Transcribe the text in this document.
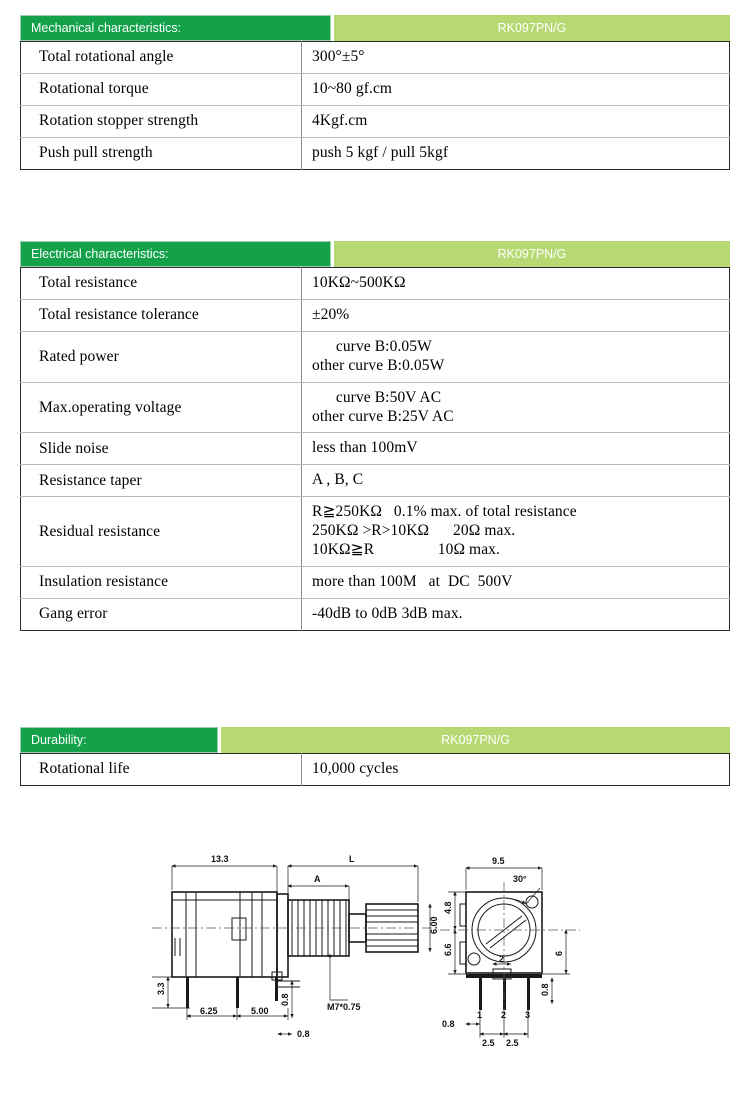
Mechanical characteristics:	RK097PN/G
Total rotational angle	300°±5°

Rotational torque	10~80 gf.cm

Rotation stopper strength	4Kgf.cm

Push pull strength	push 5 kgf / pull 5kgf
Electrical characteristics:	RK097PN/G
Total resistance	10KΩ~500KΩ

Total resistance tolerance	±20%

Rated power	curve B:0.05W
other curve B:0.05W

Max.operating voltage	curve B:50V AC
other curve B:25V AC

Slide noise	less than 100mV

Resistance taper	A , B, C

Residual resistance	R≧250KΩ   0.1% max. of total resistance
250KΩ >R>10KΩ      20Ω max.
10KΩ≧R                10Ω max.

Insulation resistance	more than 100M   at  DC  500V

Gang error	-40dB to 0dB 3dB max.
Durability:	RK097PN/G
Rotational life	10,000 cycles
13.3	L
A
6.00
3.3
6.25	5.00
0.8
0.8
M7*0.75
9.5
30°
4.8
6.6	6
2
0.8
1 2 3
0.8
2.5 2.5
